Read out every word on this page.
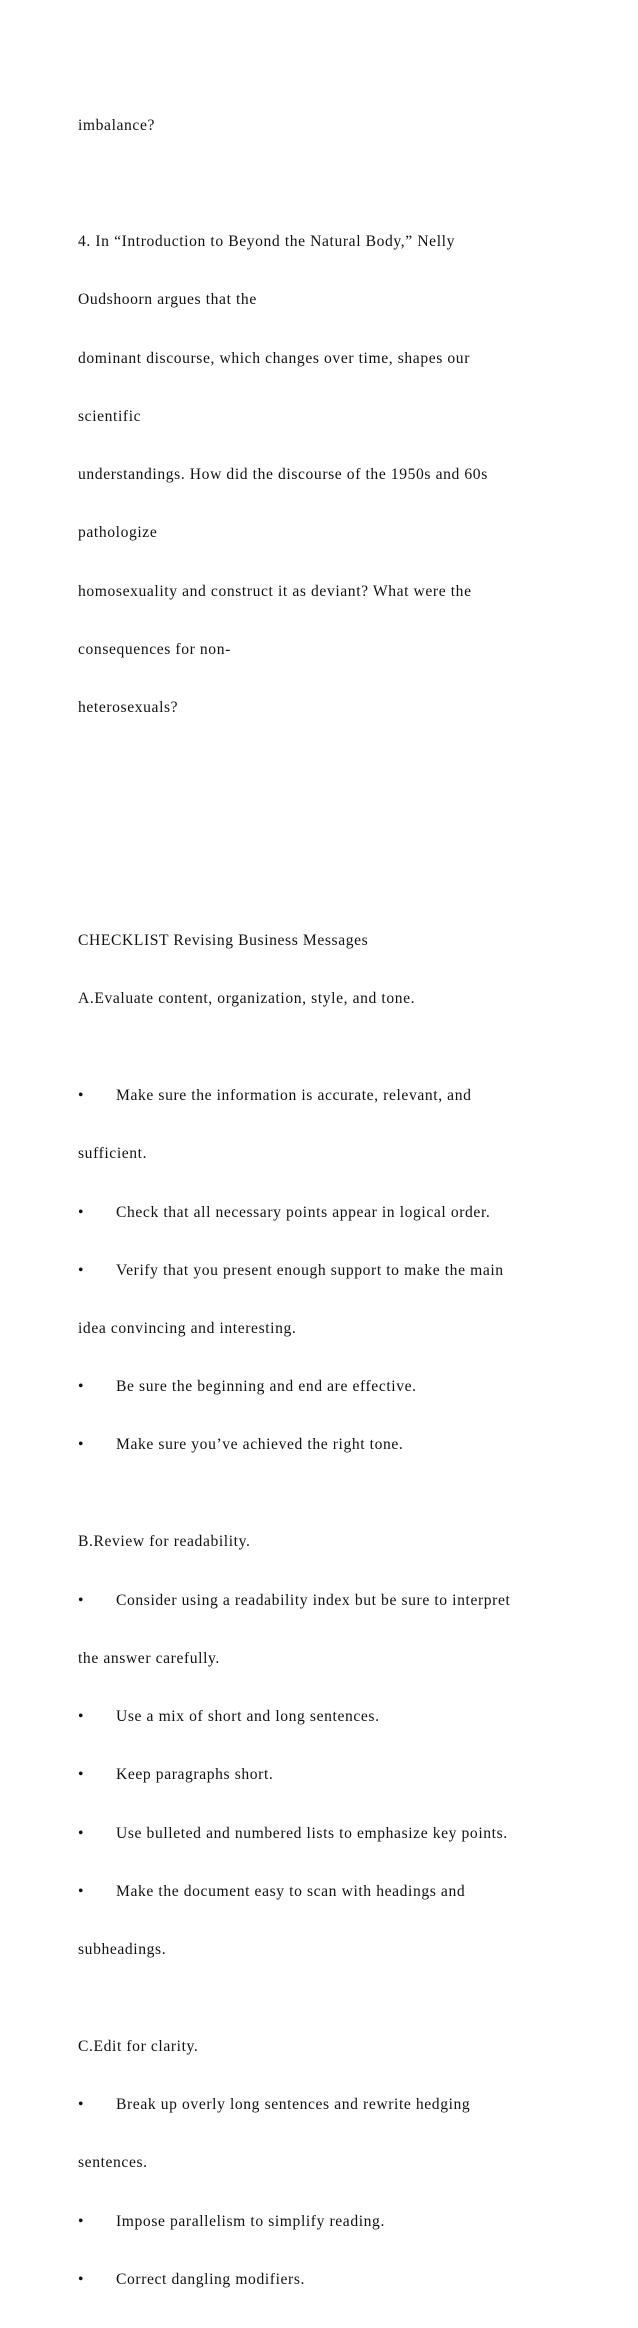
imbalance?

4. In “Introduction to Beyond the Natural Body,” Nelly

Oudshoorn argues that the

dominant discourse, which changes over time, shapes our

scientific

understandings. How did the discourse of the 1950s and 60s

pathologize

homosexuality and construct it as deviant? What were the

consequences for non-

heterosexuals?

CHECKLIST Revising Business Messages

A.Evaluate content, organization, style, and tone.

• Make sure the information is accurate, relevant, and

sufficient.

• Check that all necessary points appear in logical order.

• Verify that you present enough support to make the main

idea convincing and interesting.

• Be sure the beginning and end are effective.

• Make sure you’ve achieved the right tone.

B.Review for readability.

• Consider using a readability index but be sure to interpret

the answer carefully.

• Use a mix of short and long sentences.

• Keep paragraphs short.

• Use bulleted and numbered lists to emphasize key points.

• Make the document easy to scan with headings and

subheadings.

C.Edit for clarity.

• Break up overly long sentences and rewrite hedging

sentences.

• Impose parallelism to simplify reading.

• Correct dangling modifiers.
